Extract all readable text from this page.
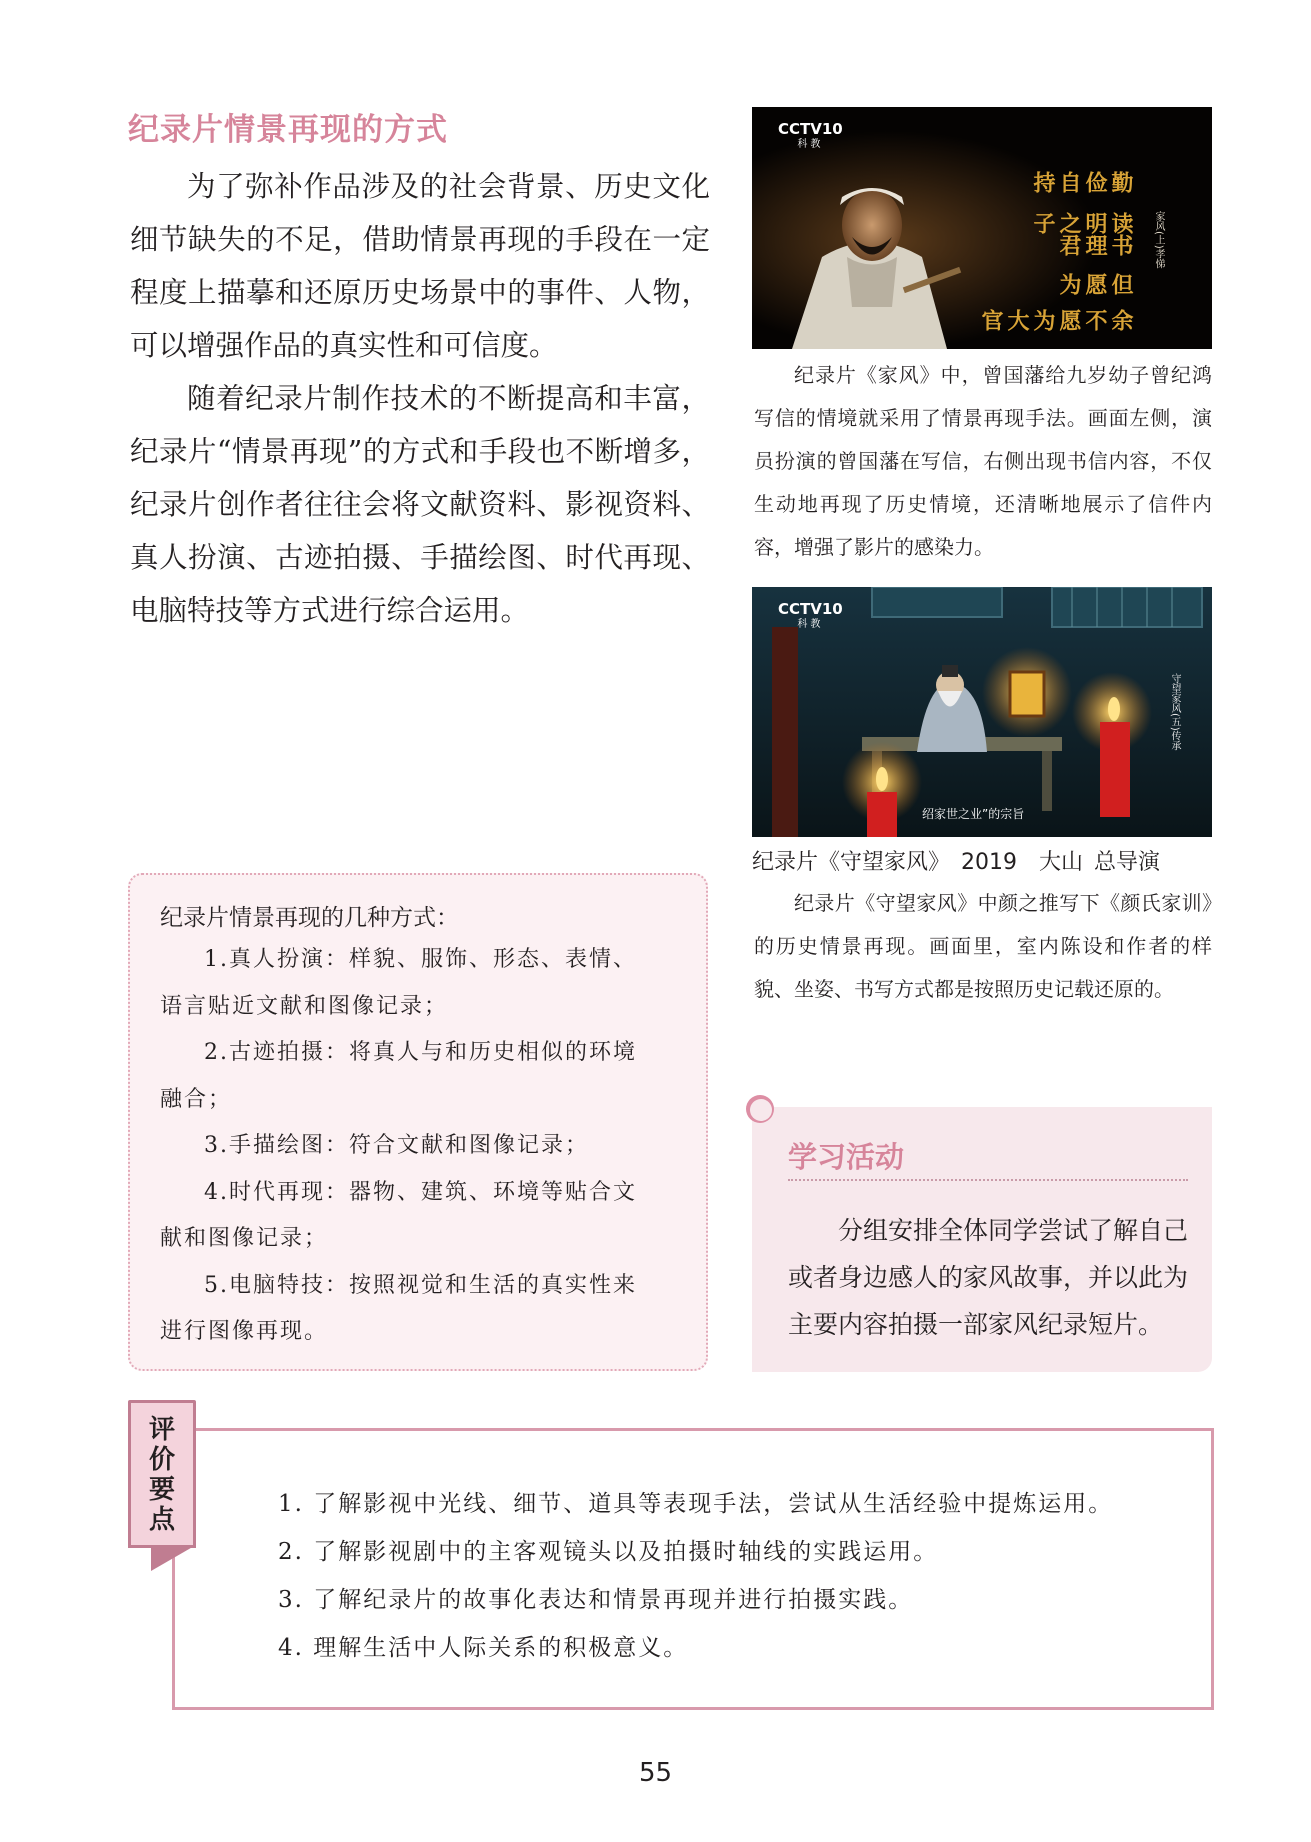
纪录片情景再现的方式

为了弥补作品涉及的社会背景、历史文化细节缺失的不足，借助情景再现的手段在一定程度上描摹和还原历史场景中的事件、人物，可以增强作品的真实性和可信度。

随着纪录片制作技术的不断提高和丰富，纪录片“情景再现”的方式和手段也不断增多，纪录片创作者往往会将文献资料、影视资料、真人扮演、古迹拍摄、手描绘图、时代再现、电脑特技等方式进行综合运用。

CCTV10
科教
余不愿为大官
但愿为
读书明理之君子
勤俭自持
家风(上)孝悌

纪录片《家风》中，曾国藩给九岁幼子曾纪鸿写信的情境就采用了情景再现手法。画面左侧，演员扮演的曾国藩在写信，右侧出现书信内容，不仅生动地再现了历史情境，还清晰地展示了信件内容，增强了影片的感染力。

CCTV10
科教
守望家风(五)传承
绍家世之业”的宗旨
纪录片《守望家风》 2019　大山 总导演

纪录片《守望家风》中颜之推写下《颜氏家训》的历史情景再现。画面里，室内陈设和作者的样貌、坐姿、书写方式都是按照历史记载还原的。

纪录片情景再现的几种方式：

1.真人扮演：样貌、服饰、形态、表情、语言贴近文献和图像记录；

2.古迹拍摄：将真人与和历史相似的环境融合；

3.手描绘图：符合文献和图像记录；

4.时代再现：器物、建筑、环境等贴合文献和图像记录；

5.电脑特技：按照视觉和生活的真实性来进行图像再现。

学习活动

分组安排全体同学尝试了解自己或者身边感人的家风故事，并以此为主要内容拍摄一部家风纪录短片。

评
价
要
点

1. 了解影视中光线、细节、道具等表现手法，尝试从生活经验中提炼运用。

2. 了解影视剧中的主客观镜头以及拍摄时轴线的实践运用。

3. 了解纪录片的故事化表达和情景再现并进行拍摄实践。

4. 理解生活中人际关系的积极意义。

55
